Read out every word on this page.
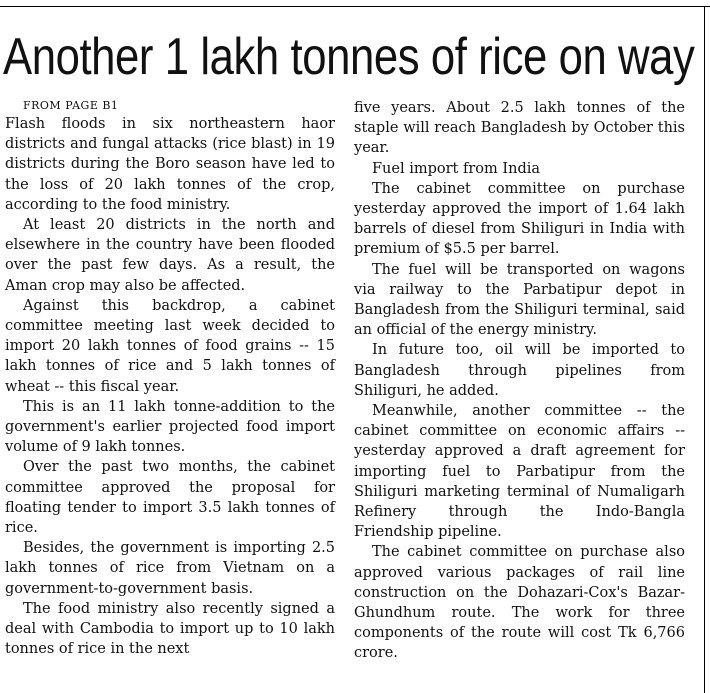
Another 1 lakh tonnes of rice on way

FROM PAGE B1

Flash floods in six northeastern haor districts and fungal attacks (rice blast) in 19 districts during the Boro season have led to the loss of 20 lakh tonnes of the crop, according to the food ministry.

At least 20 districts in the north and elsewhere in the country have been flooded over the past few days. As a result, the Aman crop may also be affected.

Against this backdrop, a cabinet committee meeting last week decided to import 20 lakh tonnes of food grains -- 15 lakh tonnes of rice and 5 lakh tonnes of wheat -- this fiscal year.

This is an 11 lakh tonne-addition to the government's earlier projected food import volume of 9 lakh tonnes.

Over the past two months, the cabinet committee approved the proposal for floating tender to import 3.5 lakh tonnes of rice.

Besides, the government is importing 2.5 lakh tonnes of rice from Vietnam on a government-to-government basis.

The food ministry also recently signed a deal with Cambodia to import up to 10 lakh tonnes of rice in the next

five years. About 2.5 lakh tonnes of the staple will reach Bangladesh by October this year.

Fuel import from India

The cabinet committee on purchase yesterday approved the import of 1.64 lakh barrels of diesel from Shiliguri in India with premium of $5.5 per barrel.

The fuel will be transported on wagons via railway to the Parbatipur depot in Bangladesh from the Shiliguri terminal, said an official of the energy ministry.

In future too, oil will be imported to Bangladesh through pipelines from Shiliguri, he added.

Meanwhile, another committee -- the cabinet committee on economic affairs -- yesterday approved a draft agreement for importing fuel to Parbatipur from the Shiliguri marketing terminal of Numaligarh Refinery through the Indo-Bangla Friendship pipeline.

The cabinet committee on purchase also approved various packages of rail line construction on the Dohazari-Cox's Bazar-Ghundhum route. The work for three components of the route will cost Tk 6,766 crore.
